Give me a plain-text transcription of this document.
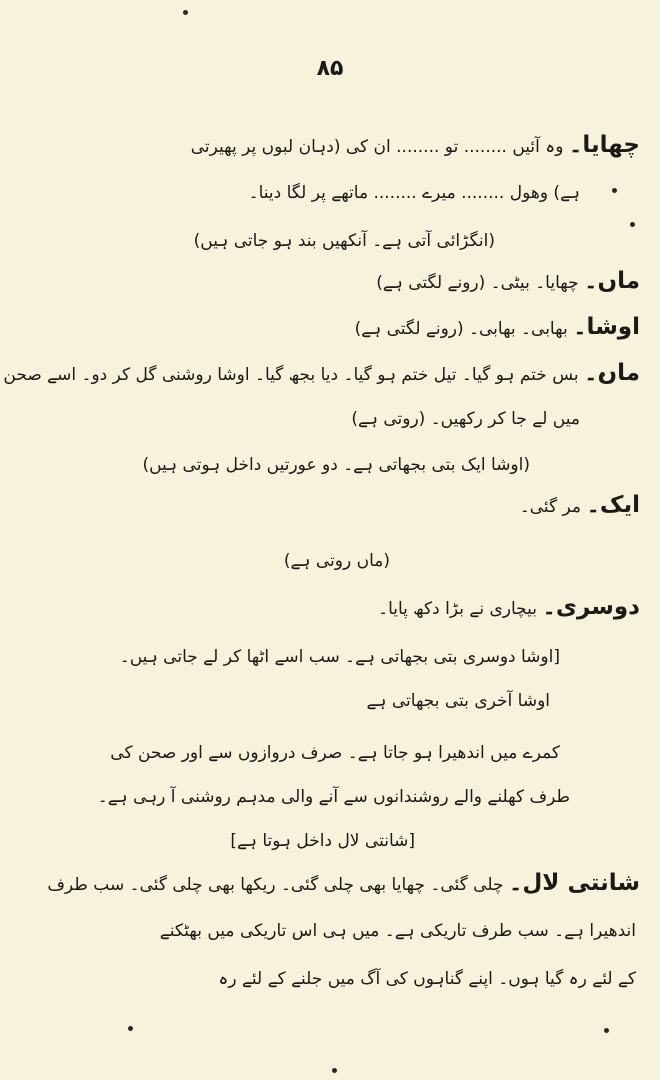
۸۵
چھایا۔ وہ آئیں ........ تو ........ ان کی (دہان لبوں پر پھیرتی
ہے) وھول ........ میرے ........ ماتھے پر لگا دینا۔
(انگڑائی آتی ہے۔ آنکھیں بند ہو جاتی ہیں)
ماں۔ چھایا۔ بیٹی۔ (رونے لگتی ہے)
اوشا۔ بھابی۔ بھابی۔ (رونے لگتی ہے)
ماں۔ بس ختم ہو گیا۔ تیل ختم ہو گیا۔ دیا بجھ گیا۔ اوشا روشنی گل کر دو۔ اسے صحن
میں لے جا کر رکھیں۔ (روتی ہے)
(اوشا ایک بتی بجھاتی ہے۔ دو عورتیں داخل ہوتی ہیں)
ایک۔ مر گئی۔
(ماں روتی ہے)
دوسری۔ بیچاری نے بڑا دکھ پایا۔
[اوشا دوسری بتی بجھاتی ہے۔ سب اسے اٹھا کر لے جاتی ہیں۔
اوشا آخری بتی بجھاتی ہے
کمرے میں اندھیرا ہو جاتا ہے۔ صرف دروازوں سے اور صحن کی
طرف کھلنے والے روشندانوں سے آنے والی مدہم روشنی آ رہی ہے۔
[شانتی لال داخل ہوتا ہے]
شانتی لال۔ چلی گئی۔ چھایا بھی چلی گئی۔ ریکھا بھی چلی گئی۔ سب طرف
اندھیرا ہے۔ سب طرف تاریکی ہے۔ میں ہی اس تاریکی میں بھٹکنے
کے لئے رہ گیا ہوں۔ اپنے گناہوں کی آگ میں جلنے کے لئے رہ
